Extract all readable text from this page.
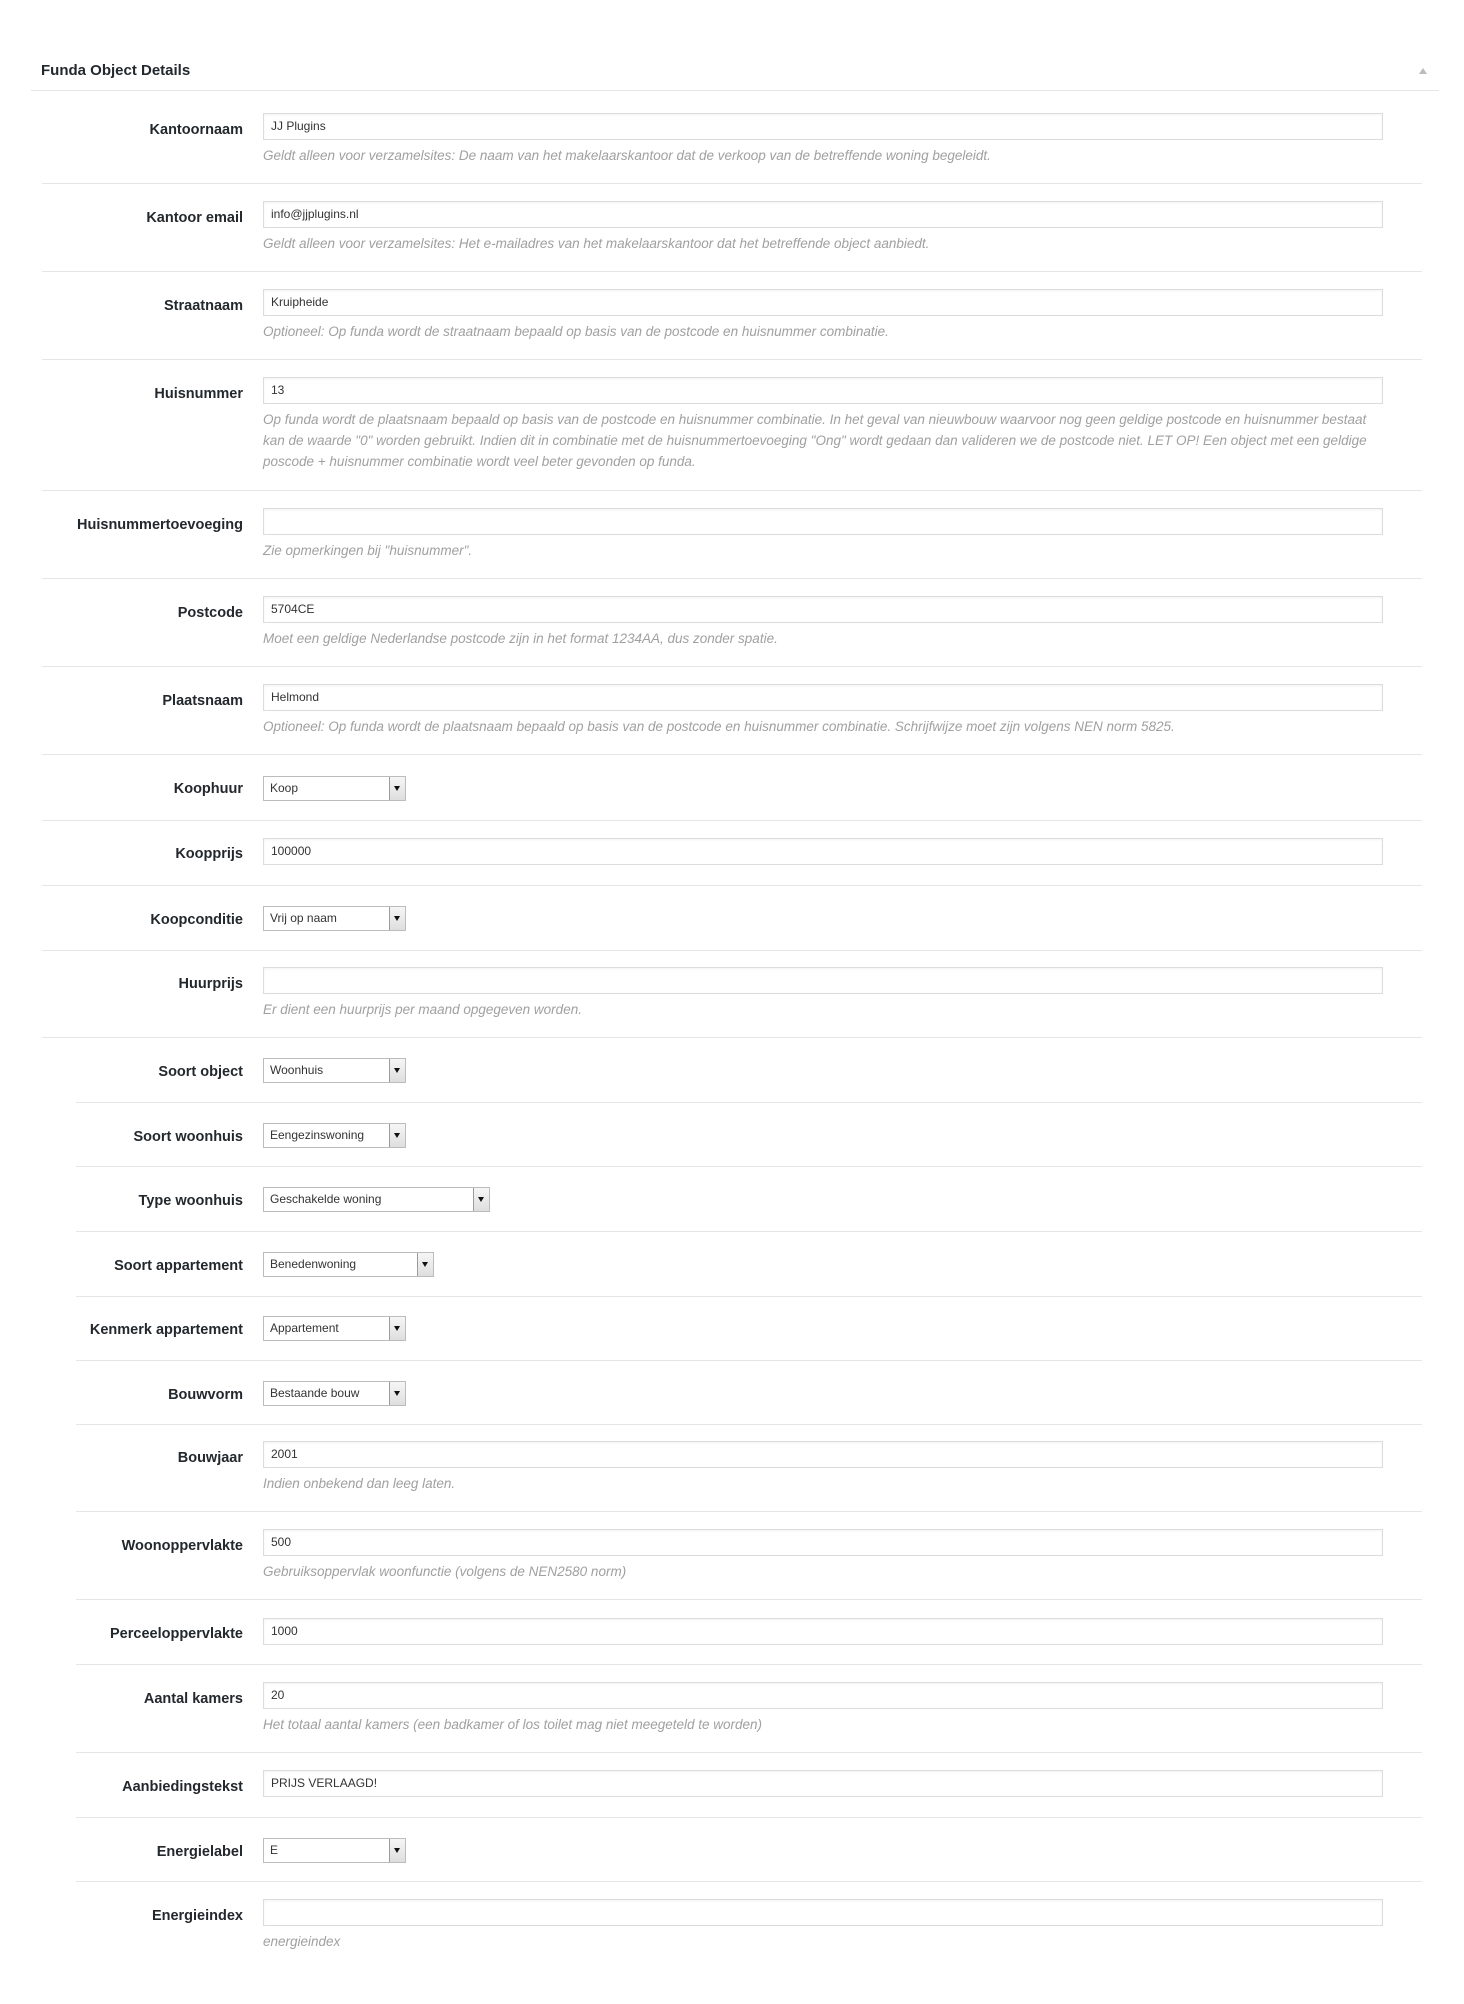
Funda Object Details
Kantoornaam	JJ Plugins
Geldt alleen voor verzamelsites: De naam van het makelaarskantoor dat de verkoop van de betreffende woning begeleidt.
Kantoor email	info@jjplugins.nl
Geldt alleen voor verzamelsites: Het e-mailadres van het makelaarskantoor dat het betreffende object aanbiedt.
Straatnaam	Kruipheide
Optioneel: Op funda wordt de straatnaam bepaald op basis van de postcode en huisnummer combinatie.
Huisnummer	13
Op funda wordt de plaatsnaam bepaald op basis van de postcode en huisnummer combinatie. In het geval van nieuwbouw waarvoor nog geen geldige postcode en huisnummer bestaat
kan de waarde "0" worden gebruikt. Indien dit in combinatie met de huisnummertoevoeging "Ong" wordt gedaan dan valideren we de postcode niet. LET OP! Een object met een geldige
poscode + huisnummer combinatie wordt veel beter gevonden op funda.
Huisnummertoevoeging
Zie opmerkingen bij "huisnummer".
Postcode	5704CE
Moet een geldige Nederlandse postcode zijn in het format 1234AA, dus zonder spatie.
Plaatsnaam	Helmond
Optioneel: Op funda wordt de plaatsnaam bepaald op basis van de postcode en huisnummer combinatie. Schrijfwijze moet zijn volgens NEN norm 5825.
Koophuur	Koop
Koopprijs	100000
Koopconditie	Vrij op naam
Huurprijs
Er dient een huurprijs per maand opgegeven worden.
Soort object	Woonhuis
Soort woonhuis	Eengezinswoning
Type woonhuis	Geschakelde woning
Soort appartement	Benedenwoning
Kenmerk appartement	Appartement
Bouwvorm	Bestaande bouw
Bouwjaar	2001
Indien onbekend dan leeg laten.
Woonoppervlakte	500
Gebruiksoppervlak woonfunctie (volgens de NEN2580 norm)
Perceeloppervlakte	1000
Aantal kamers	20
Het totaal aantal kamers (een badkamer of los toilet mag niet meegeteld te worden)
Aanbiedingstekst	PRIJS VERLAAGD!
Energielabel	E
Energieindex
energieindex
